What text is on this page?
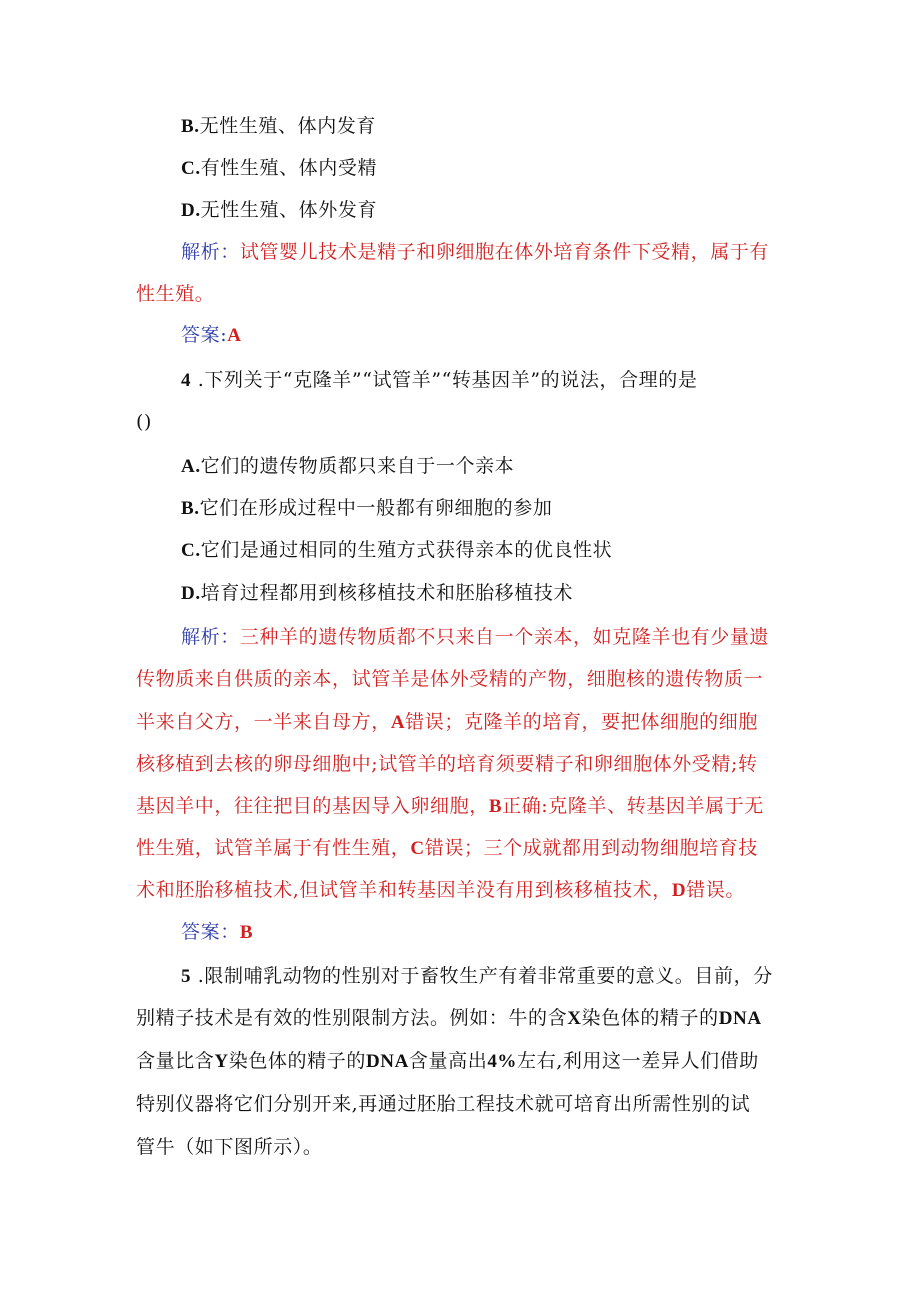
B.无性生殖、体内发育

C.有性生殖、体内受精

D.无性生殖、体外发育

解析：试管婴儿技术是精子和卵细胞在体外培育条件下受精，属于有

性生殖。

答案:A

4 .下列关于“克隆羊”“试管羊”“转基因羊”的说法，合理的是

()

A.它们的遗传物质都只来自于一个亲本

B.它们在形成过程中一般都有卵细胞的参加

C.它们是通过相同的生殖方式获得亲本的优良性状

D.培育过程都用到核移植技术和胚胎移植技术

解析：三种羊的遗传物质都不只来自一个亲本，如克隆羊也有少量遗

传物质来自供质的亲本，试管羊是体外受精的产物，细胞核的遗传物质一

半来自父方，一半来自母方，A错误；克隆羊的培育，要把体细胞的细胞

核移植到去核的卵母细胞中;试管羊的培育须要精子和卵细胞体外受精;转

基因羊中，往往把目的基因导入卵细胞，B正确:克隆羊、转基因羊属于无

性生殖，试管羊属于有性生殖，C错误；三个成就都用到动物细胞培育技

术和胚胎移植技术,但试管羊和转基因羊没有用到核移植技术，D错误。

答案：B

5 .限制哺乳动物的性别对于畜牧生产有着非常重要的意义。目前，分

别精子技术是有效的性别限制方法。例如：牛的含X染色体的精子的DNA

含量比含Y染色体的精子的DNA含量高出4%左右,利用这一差异人们借助

特别仪器将它们分别开来,再通过胚胎工程技术就可培育出所需性别的试

管牛（如下图所示）。
